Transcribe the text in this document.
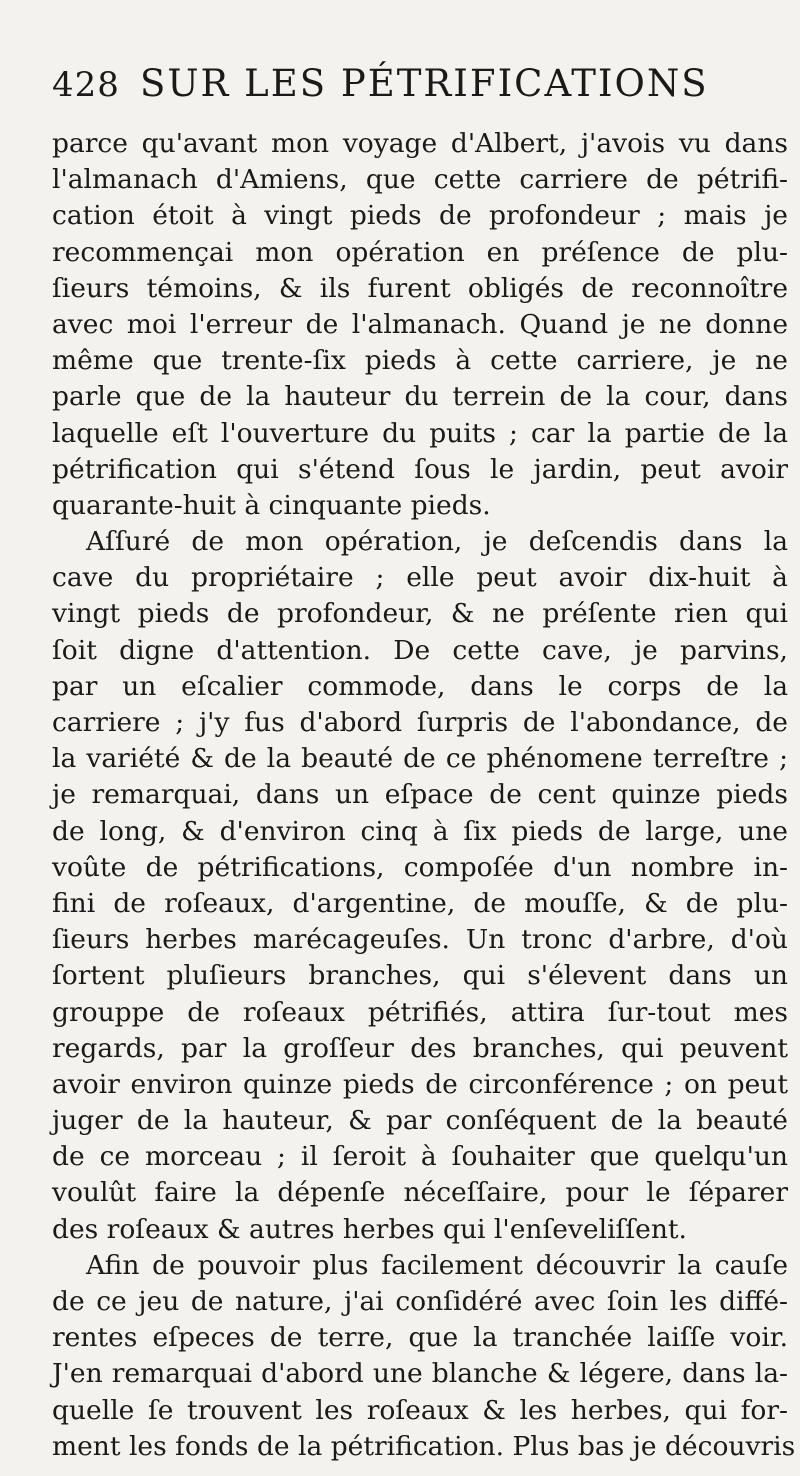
428 SUR LES PÉTRIFICATIONS
parce qu'avant mon voyage d'Albert, j'avois vu dans
l'almanach d'Amiens, que cette carriere de pétrifi-
cation étoit à vingt pieds de profondeur ; mais je
recommençai mon opération en préſence de plu-
ſieurs témoins, & ils furent obligés de reconnoître
avec moi l'erreur de l'almanach. Quand je ne donne
même que trente-ſix pieds à cette carriere, je ne
parle que de la hauteur du terrein de la cour, dans
laquelle eſt l'ouverture du puits ; car la partie de la
pétrification qui s'étend ſous le jardin, peut avoir
quarante-huit à cinquante pieds.
Aſſuré de mon opération, je deſcendis dans la
cave du propriétaire ; elle peut avoir dix-huit à
vingt pieds de profondeur, & ne préſente rien qui
ſoit digne d'attention. De cette cave, je parvins,
par un eſcalier commode, dans le corps de la
carriere ; j'y fus d'abord ſurpris de l'abondance, de
la variété & de la beauté de ce phénomene terreſtre ;
je remarquai, dans un eſpace de cent quinze pieds
de long, & d'environ cinq à ſix pieds de large, une
voûte de pétrifications, compoſée d'un nombre in-
fini de roſeaux, d'argentine, de mouſſe, & de plu-
ſieurs herbes marécageuſes. Un tronc d'arbre, d'où
ſortent pluſieurs branches, qui s'élevent dans un
grouppe de roſeaux pétrifiés, attira ſur-tout mes
regards, par la groſſeur des branches, qui peuvent
avoir environ quinze pieds de circonférence ; on peut
juger de la hauteur, & par conſéquent de la beauté
de ce morceau ; il ſeroit à ſouhaiter que quelqu'un
voulût faire la dépenſe néceſſaire, pour le ſéparer
des roſeaux & autres herbes qui l'enſeveliſſent.
Afin de pouvoir plus facilement découvrir la cauſe
de ce jeu de nature, j'ai conſidéré avec ſoin les diffé-
rentes eſpeces de terre, que la tranchée laiſſe voir.
J'en remarquai d'abord une blanche & légere, dans la-
quelle ſe trouvent les roſeaux & les herbes, qui for-
ment les fonds de la pétrification. Plus bas je découvris
